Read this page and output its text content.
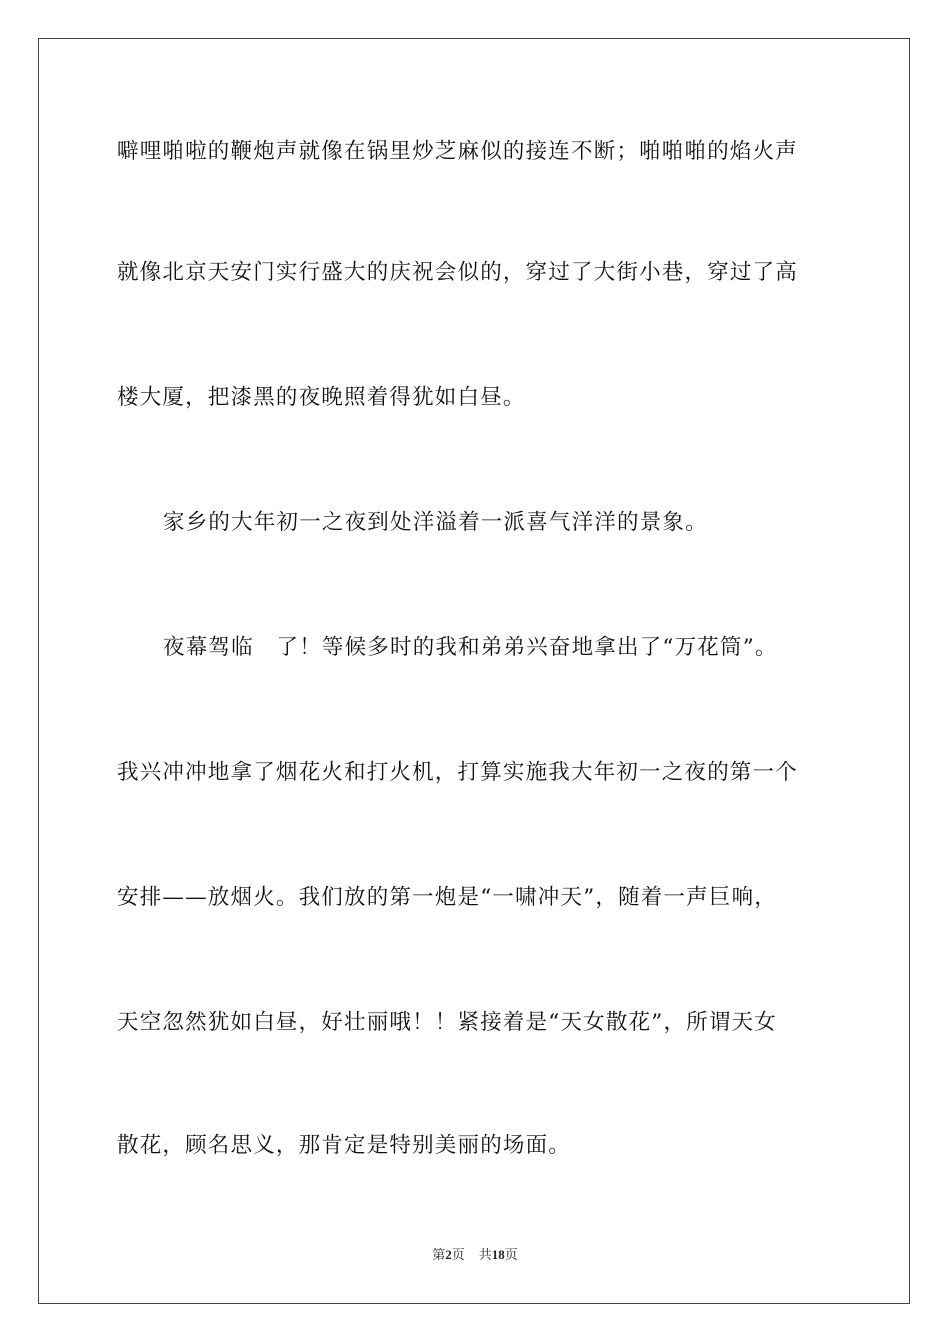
噼哩啪啦的鞭炮声就像在锅里炒芝麻似的接连不断；啪啪啪的焰火声
就像北京天安门实行盛大的庆祝会似的，穿过了大街小巷，穿过了高
楼大厦，把漆黑的夜晚照着得犹如白昼。
家乡的大年初一之夜到处洋溢着一派喜气洋洋的景象。
夜幕驾临　了！等候多时的我和弟弟兴奋地拿出了“万花筒”。
我兴冲冲地拿了烟花火和打火机，打算实施我大年初一之夜的第一个
安排——放烟火。我们放的第一炮是“一啸冲天”，随着一声巨响，
天空忽然犹如白昼，好壮丽哦！！紧接着是“天女散花”，所谓天女
散花，顾名思义，那肯定是特别美丽的场面。
第2页 共18页
